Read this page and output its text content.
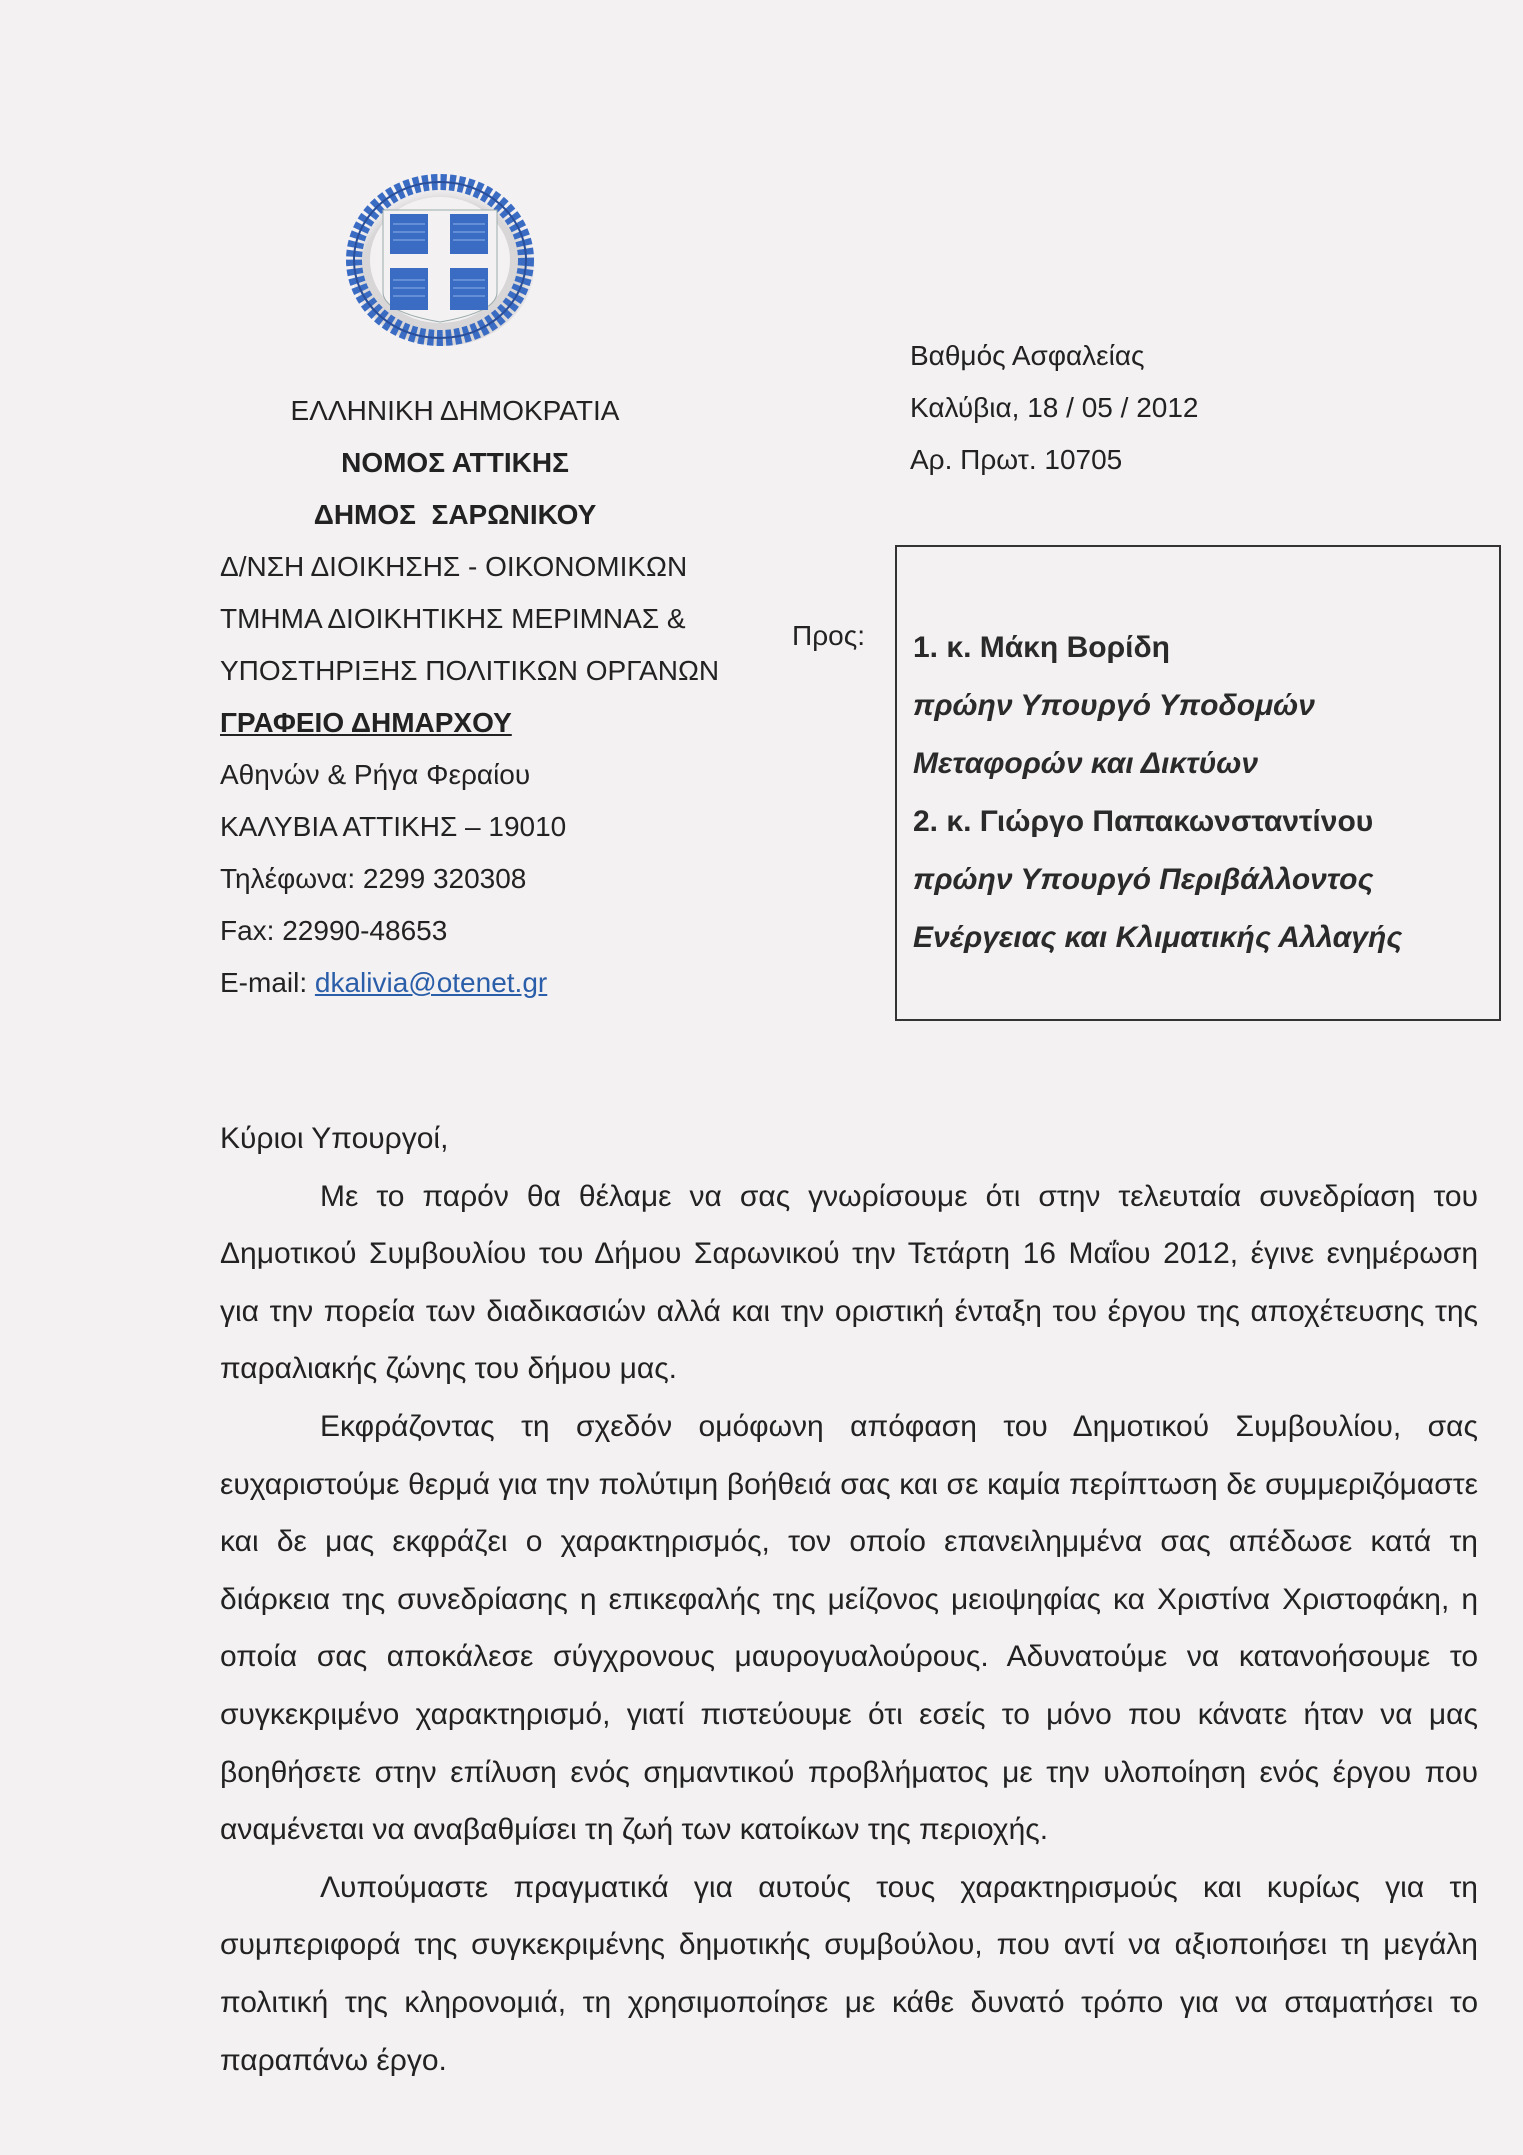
ΕΛΛΗΝΙΚΗ ΔΗΜΟΚΡΑΤΙΑ
ΝΟΜΟΣ ΑΤΤΙΚΗΣ
ΔΗΜΟΣ  ΣΑΡΩΝΙΚΟΥ
Δ/ΝΣΗ ΔΙΟΙΚΗΣΗΣ - ΟΙΚΟΝΟΜΙΚΩΝ
ΤΜΗΜΑ ΔΙΟΙΚΗΤΙΚΗΣ ΜΕΡΙΜΝΑΣ &
ΥΠΟΣΤΗΡΙΞΗΣ ΠΟΛΙΤΙΚΩΝ ΟΡΓΑΝΩΝ
ΓΡΑΦΕΙΟ ΔΗΜΑΡΧΟΥ
Αθηνών & Ρήγα Φεραίου
ΚΑΛΥΒΙΑ ΑΤΤΙΚΗΣ – 19010
Τηλέφωνα: 2299 320308
Fax: 22990-48653
E-mail: dkalivia@otenet.gr
Βαθμός Ασφαλείας
Καλύβια, 18 / 05 / 2012
Αρ. Πρωτ. 10705
Προς: 1. κ. Μάκη Βορίδη
πρώην Υπουργό Υποδομών
Μεταφορών και Δικτύων
2. κ. Γιώργο Παπακωνσταντίνου
πρώην Υπουργό Περιβάλλοντος
Ενέργειας και Κλιματικής Αλλαγής

Κύριοι Υπουργοί,

Με το παρόν θα θέλαμε να σας γνωρίσουμε ότι στην τελευταία συνεδρίαση του Δημοτικού Συμβουλίου του Δήμου Σαρωνικού την Τετάρτη 16 Μαΐου 2012, έγινε ενημέρωση για την πορεία των διαδικασιών αλλά και την οριστική ένταξη του έργου της αποχέτευσης της παραλιακής ζώνης του δήμου μας.

Εκφράζοντας τη σχεδόν ομόφωνη απόφαση του Δημοτικού Συμβουλίου, σας ευχαριστούμε θερμά για την πολύτιμη βοήθειά σας και σε καμία περίπτωση δε συμμεριζόμαστε και δε μας εκφράζει ο χαρακτηρισμός, τον οποίο επανειλημμένα σας απέδωσε κατά τη διάρκεια της συνεδρίασης η επικεφαλής της μείζονος μειοψηφίας κα Χριστίνα Χριστοφάκη, η οποία σας αποκάλεσε σύγχρονους μαυρογυαλούρους. Αδυνατούμε να κατανοήσουμε το συγκεκριμένο χαρακτηρισμό, γιατί πιστεύουμε ότι εσείς το μόνο που κάνατε ήταν να μας βοηθήσετε στην επίλυση ενός σημαντικού προβλήματος με την υλοποίηση ενός έργου που αναμένεται να αναβαθμίσει τη ζωή των κατοίκων της περιοχής.

Λυπούμαστε πραγματικά για αυτούς τους χαρακτηρισμούς και κυρίως για τη συμπεριφορά της συγκεκριμένης δημοτικής συμβούλου, που αντί να αξιοποιήσει τη μεγάλη πολιτική της κληρονομιά, τη χρησιμοποίησε με κάθε δυνατό τρόπο για να σταματήσει το παραπάνω έργο.
